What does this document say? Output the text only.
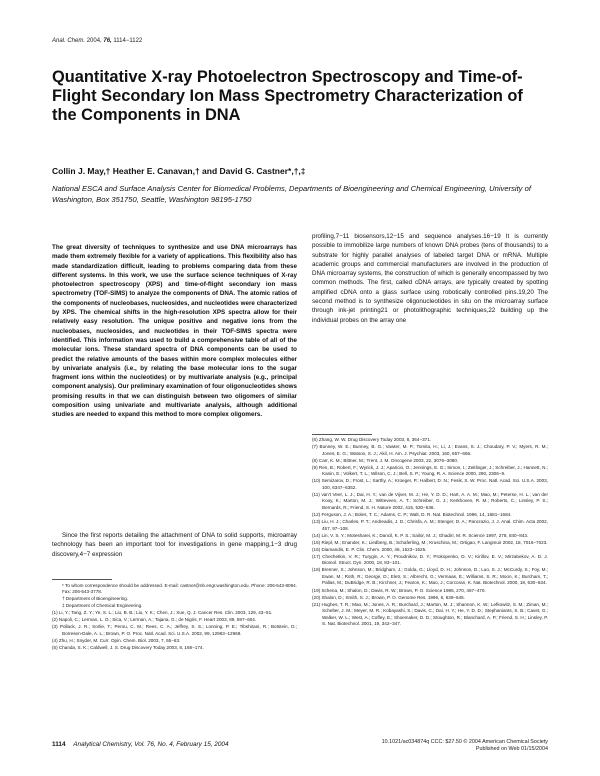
Anal. Chem. 2004, 76, 1114−1122
Quantitative X-ray Photoelectron Spectroscopy and Time-of-Flight Secondary Ion Mass Spectrometry Characterization of the Components in DNA
Collin J. May,† Heather E. Canavan,† and David G. Castner*,†,‡
National ESCA and Surface Analysis Center for Biomedical Problems, Departments of Bioengineering and Chemical Engineering, University of Washington, Box 351750, Seattle, Washington 98195-1750

The great diversity of techniques to synthesize and use DNA microarrays has made them extremely flexible for a variety of applications. This flexibility also has made standardization difficult, leading to problems comparing data from these different systems. In this work, we use the surface science techniques of X-ray photoelectron spectroscopy (XPS) and time-of-flight secondary ion mass spectrometry (TOF-SIMS) to analyze the components of DNA. The atomic ratios of the components of nucleobases, nucleosides, and nucleotides were characterized by XPS. The chemical shifts in the high-resolution XPS spectra allow for their relatively easy resolution. The unique positive and negative ions from the nucleobases, nucleosides, and nucleotides in their TOF-SIMS spectra were identified. This information was used to build a comprehensive table of all of the molecular ions. These standard spectra of DNA components can be used to predict the relative amounts of the bases within more complex molecules either by univariate analysis (i.e., by relating the base molecular ions to the sugar fragment ions within the nucleotides) or by multivariate analysis (e.g., principal component analysis). Our preliminary examination of four oligonucleotides shows promising results in that we can distinguish between two oligomers of similar composition using univariate and multivariate analysis, although additional studies are needed to expand this method to more complex oligomers.

Since the first reports detailing the attachment of DNA to solid supports, microarray technology has been an important tool for investigations in gene mapping,1−3 drug discovery,4−7 expression

* To whom correspondence should be addressed. E-mail: castner@nb.engr.washington.edu. Phone: 206-543-8094. Fax: 206-543-3778.

† Department of Bioengineering.

‡ Department of Chemical Engineering.

(1) Li, Y.; Tang, Z. Y.; Ye, S. L.; Liu, B. B.; Liu, Y. K.; Chen, J.; Xue, Q. J. Cancer Res. Clin. 2003, 129, 43−51.

(2) Napoli, C.; Lerman, L. O.; Sica, V.; Lerman, A.; Tajana, G.; de Nigris, F. Heart 2003, 89, 597−604.

(3) Pollack, J. R.; Sorlie, T.; Perou, C. M.; Rees, C. A.; Jeffrey, S. S.; Lonning, P. E.; Tibshirani, R.; Botstein, D.; Borresen-Dale, A. L.; Brown, P. O. Proc. Natl. Acad. Sci. U.S.A. 2002, 99, 12963−12968.

(4) Zhu, H.; Snyder, M. Curr. Opin. Chem. Biol. 2003, 7, 55−63.

(5) Chanda, S. K.; Caldwell, J. S. Drug Discovery Today 2003, 8, 168−174.

profiling,7−11 biosensors,12−15 and sequence analyses.16−19 It is currently possible to immobilize large numbers of known DNA probes (tens of thousands) to a substrate for highly parallel analyses of labeled target DNA or mRNA. Multiple academic groups and commercial manufacturers are involved in the production of DNA microarray systems, the construction of which is generally encompassed by two common methods. The first, called cDNA arrays, are typically created by spotting amplified cDNA onto a glass surface using robotically controlled pins.19,20 The second method is to synthesize oligonucleotides in situ on the microarray surface through ink-jet printing21 or photolithographic techniques,22 building up the individual probes on the array one

(6) Zhang, W. W. Drug Discovery Today 2003, 8, 364−371.

(7) Bunney, W. E.; Bunney, B. G.; Vawter, M. P.; Tomita, H.; Li, J.; Evans, S. J.; Choudary, P. V.; Myers, R. M.; Jones, E. G.; Watson, S. J.; Akil, H. Am. J. Psychiat. 2003, 160, 657−666.

(8) Carr, K. M.; Bittner, M.; Trent, J. M. Oncogene 2003, 22, 3076−3080.

(9) Ren, B.; Robert, F.; Wyrick, J. J.; Aparicio, O.; Jennings, E. G.; Simon, I.; Zeitlinger, J.; Schreiber, J.; Hannett, N.; Kanin, E.; Volkert, T. L.; Wilson, C. J.; Bell, S. P.; Young, R. A. Science 2000, 290, 2306−9.

(10) Semizarov, D.; Frost, L.; Sarthy, A.; Kroeger, P.; Halbert, D. N.; Fesik, S. W. Proc. Natl. Acad. Sci. U.S.A. 2003, 100, 6347−6352.

(11) van't Veer, L. J.; Dai, H. Y.; van de Vijver, M. J.; He, Y. D. D.; Hart, A. A. M.; Mao, M.; Peterse, H. L.; van der Kooy, K.; Marton, M. J.; Witteveen, A. T.; Schreiber, G. J.; Kerkhoven, R. M.; Roberts, C.; Linsley, P. S.; Bernards, R.; Friend, S. H. Nature 2002, 415, 530−536.

(12) Ferguson, J. A.; Boles, T. C.; Adams, C. P.; Walt, D. R. Nat. Biotechnol. 1996, 14, 1681−1684.

(13) Liu, H. J.; Charles, P. T.; Andreadis, J. D.; Chrisfa, A. M.; Stenger, D. A.; Pancrazio, J. J. Anal. Chim. Acta 2002, 457, 97−108.

(14) Lin, V. S. Y.; Motesharei, K.; Dancil, K. P. S.; Sailor, M. J.; Ghadiri, M. R. Science 1997, 278, 840−843.

(15) Riepl, M.; Enander, K.; Liedberg, B.; Schaferling, M.; Kruschina, M.; Ortigao, F. Langmuir 2002, 18, 7016−7023.

(16) Diamandis, E. P. Clin. Chem. 2000, 46, 1523−1525.

(17) Chechetkin, V. R.; Turygin, A. Y.; Proudnikov, D. Y.; Prokopenko, D. V.; Kirillov, E. V.; Mirzabekov, A. D. J. Biomol. Struct. Dyn. 2000, 18, 83−101.

(18) Brenner, S.; Johnson, M.; Bridgham, J.; Golda, G.; Lloyd, D. H.; Johnson, D.; Luo, S. J.; McCurdy, S.; Foy, M.; Ewan, M.; Roth, R.; George, D.; Eletr, S.; Albrecht, G.; Vermaas, E.; Williams, S. R.; Moon, K.; Burcham, T.; Pallas, M.; DuBridge, R. B.; Kirchner, J.; Fearon, K.; Mao, J.; Corcoran, K. Nat. Biotechnol. 2000, 18, 630−634.

(19) Schena, M.; Shalon, D.; Davis, R. W.; Brown, P. O. Science 1995, 270, 467−470.

(20) Shalon, D.; Smith, S. J.; Brown, P. O. Genome Res. 1996, 6, 639−645.

(21) Hughes, T. R.; Mao, M.; Jones, A. R.; Burchard, J.; Marton, M. J.; Shannon, K. W.; Lefkowitz, S. M.; Ziman, M.; Schelter, J. M.; Meyer, M. R.; Kobayashi, S.; Davis, C.; Dai, H. Y.; He, Y. D. D.; Stephaniants, S. B.; Cavet, G.; Walker, W. L.; West, A.; Coffey, E.; Shoemaker, D. D.; Stoughton, R.; Blanchard, A. P.; Friend, S. H.; Linsley, P. S. Nat. Biotechnol. 2001, 19, 342−347.

1114 Analytical Chemistry, Vol. 76, No. 4, February 15, 2004	10.1021/ac034874q CCC: $27.50 © 2004 American Chemical Society
Published on Web 01/15/2004
